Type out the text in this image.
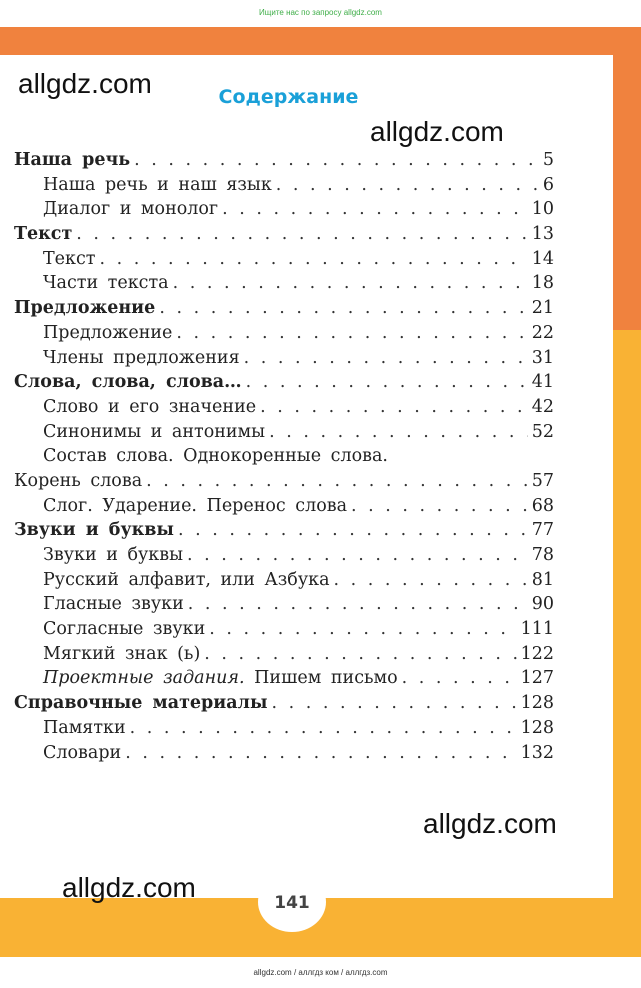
Ищите нас по запросу allgdz.com
Содержание
Наша речь . . .	5
Наша речь и наш язык . . .	6
Диалог и монолог . . .	10
Текст . . .	13
Текст . . .	14
Части текста . . .	18
Предложение . . .	21
Предложение . . .	22
Члены предложения . . .	31
Слова, слова, слова… . . .	41
Слово и его значение . . .	42
Синонимы и антонимы . . .	52
Состав слова. Однокоренные слова.
Корень слова . . .	57
Слог. Ударение. Перенос слова . . .	68
Звуки и буквы . . .	77
Звуки и буквы . . .	78
Русский алфавит, или Азбука . . .	81
Гласные звуки . . .	90
Согласные звуки . . .	111
Мягкий знак (ь) . . .	122
Проектные задания. Пишем письмо . . .	127
Справочные материалы . . .	128
Памятки . . .	128
Словари . . .	132
allgdz.com
allgdz.com
allgdz.com
allgdz.com	141
allgdz.com / аллгдз ком / аллгдз.com
